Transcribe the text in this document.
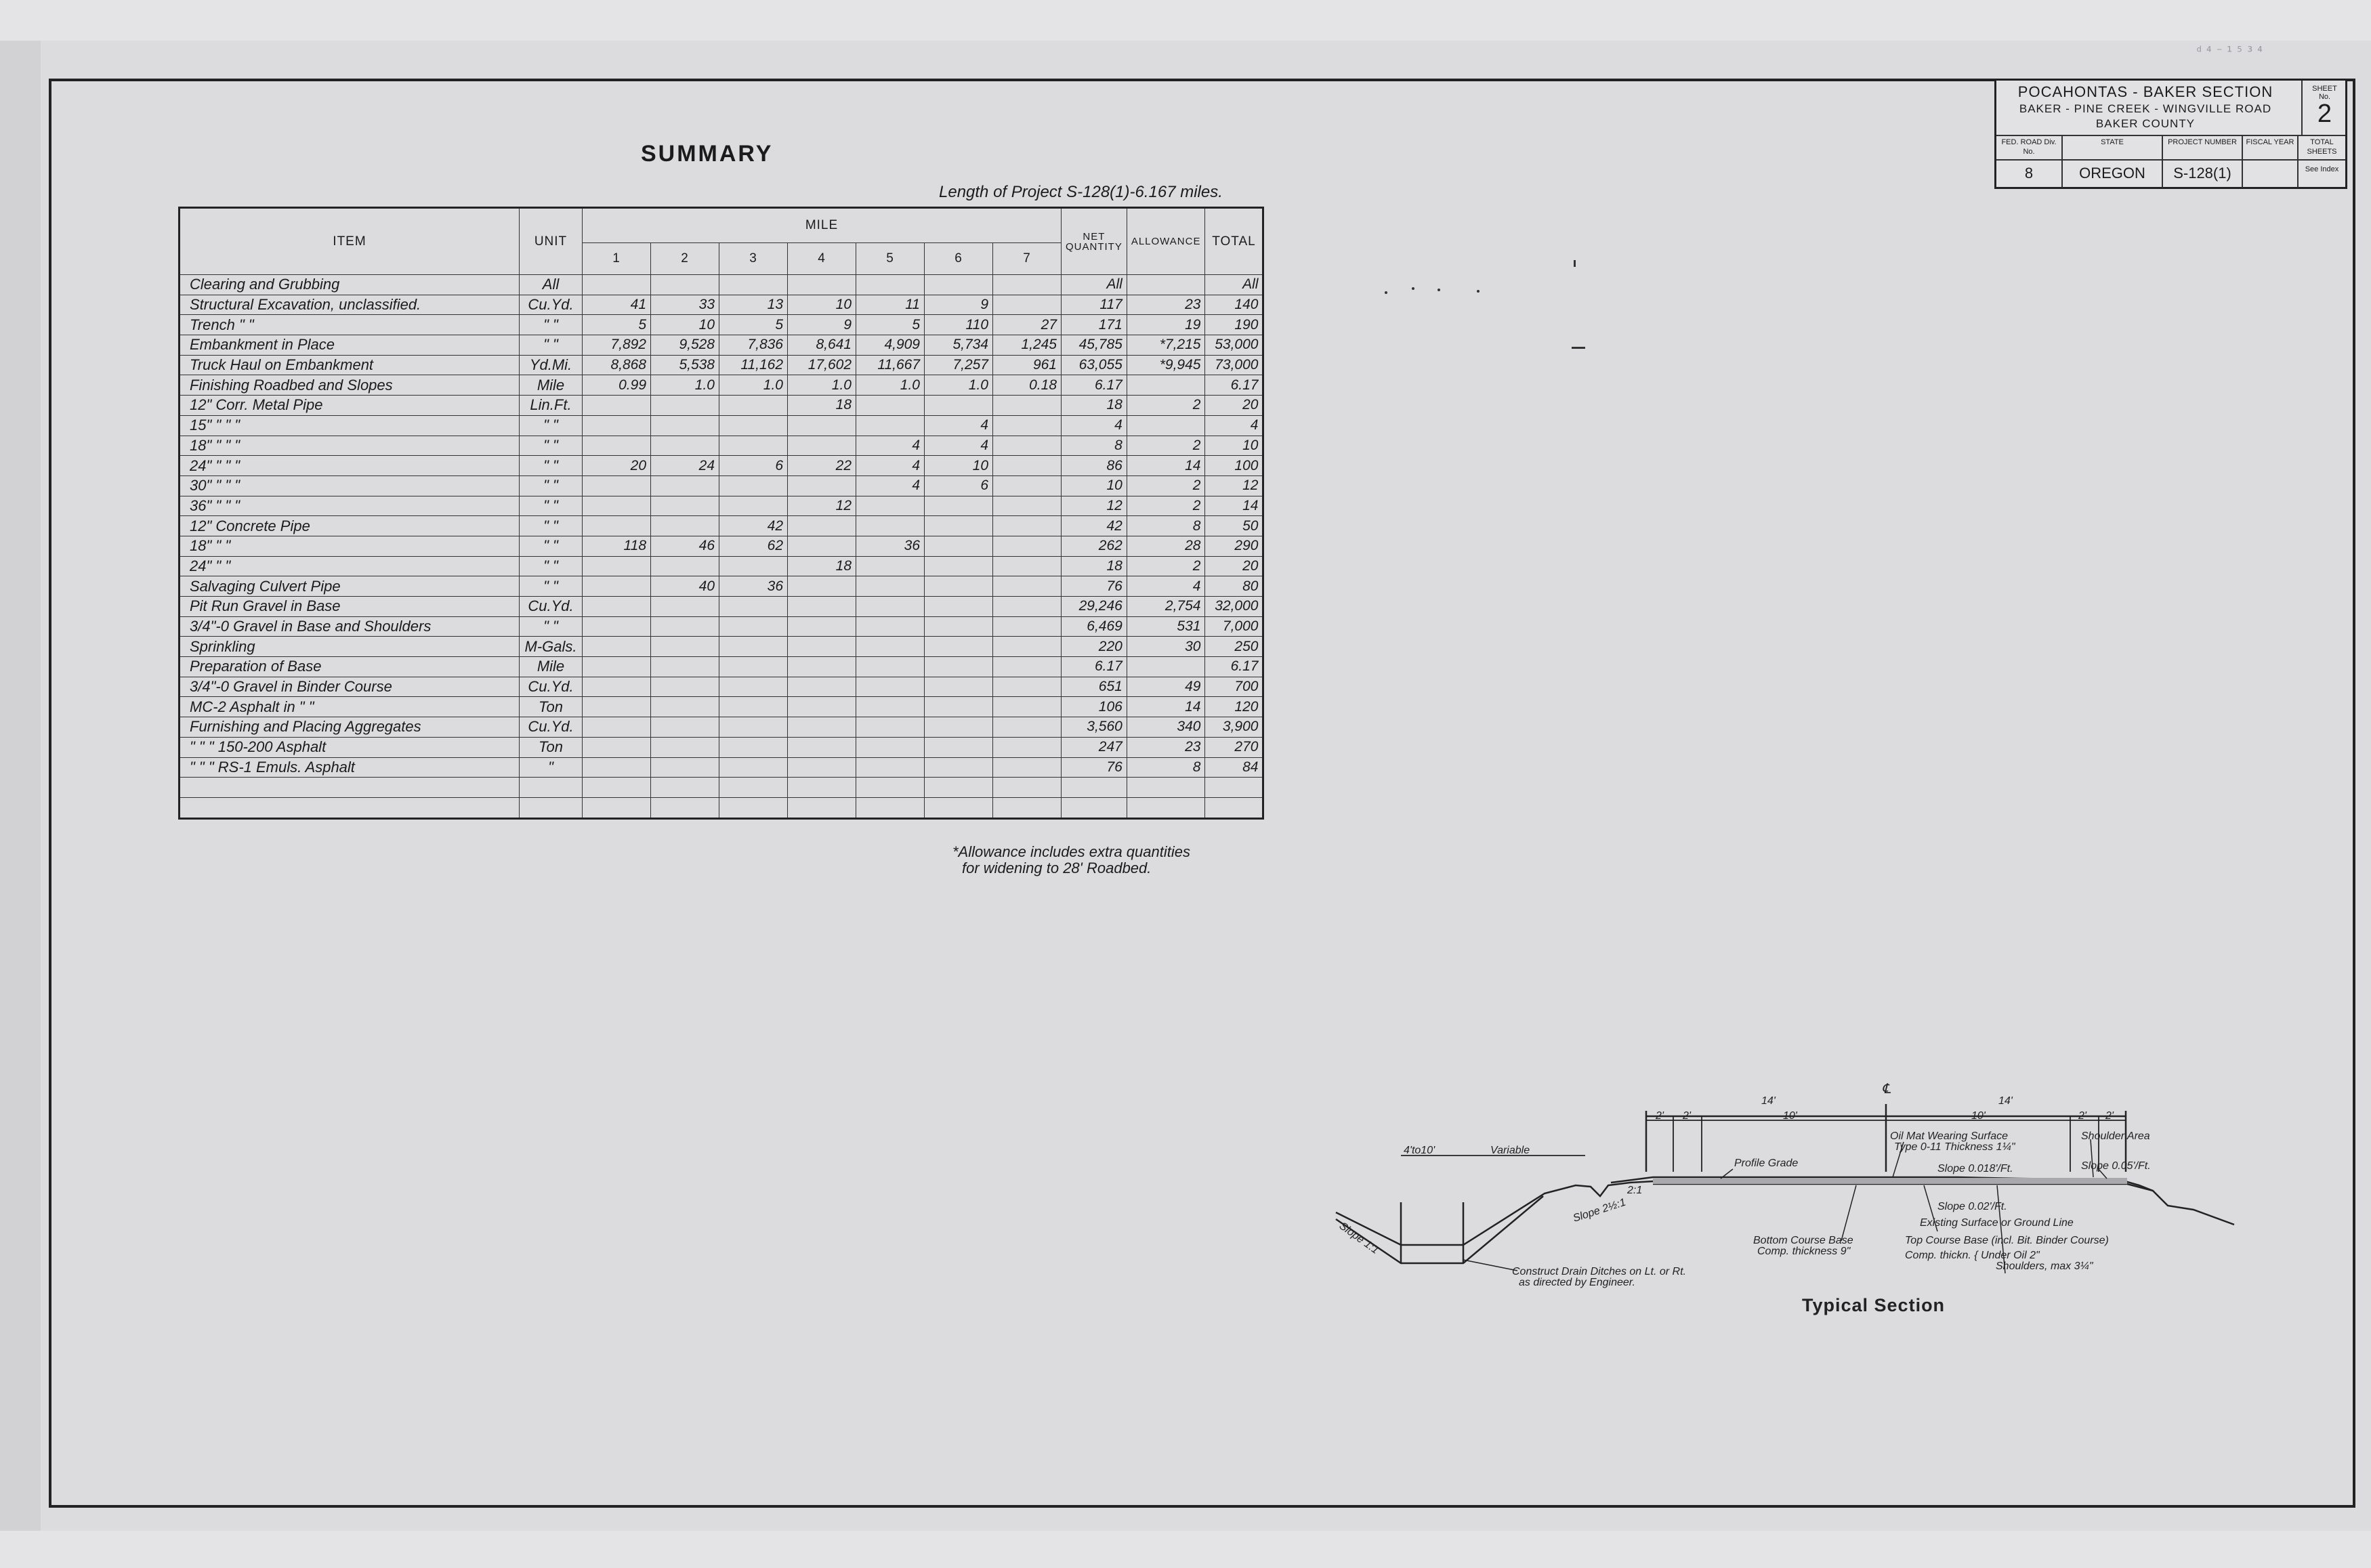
ᵈ⁴⁻¹⁵³⁴
POCAHONTAS - BAKER SECTION
BAKER - PINE CREEK - WINGVILLE ROAD
BAKER COUNTY
SHEET
No.
2
FED. ROAD Div. No.
8
STATE
OREGON
PROJECT NUMBER
S-128(1)
FISCAL YEAR	TOTAL SHEETS
See Index
SUMMARY
Length of Project S-128(1)-6.167 miles.
ITEM	UNIT	MILE							NET QUANTITY	ALLOWANCE	TOTAL
		1	2	3	4	5	6	7			
Clearing and Grubbing	All								All		All
Structural Excavation, unclassified.	Cu.Yd.	41	33	13	10	11	9		117	23	140
Trench " "	" "	5	10	5	9	5	110	27	171	19	190
Embankment in Place	" "	7,892	9,528	7,836	8,641	4,909	5,734	1,245	45,785	*7,215	53,000
Truck Haul on Embankment	Yd.Mi.	8,868	5,538	11,162	17,602	11,667	7,257	961	63,055	*9,945	73,000
Finishing Roadbed and Slopes	Mile	0.99	1.0	1.0	1.0	1.0	1.0	0.18	6.17		6.17
12" Corr. Metal Pipe	Lin.Ft.				18				18	2	20
15" " " "	" "						4		4		4
18" " " "	" "					4	4		8	2	10
24" " " "	" "	20	24	6	22	4	10		86	14	100
30" " " "	" "					4	6		10	2	12
36" " " "	" "				12				12	2	14
12" Concrete Pipe	" "			42					42	8	50
18" " "	" "	118	46	62		36			262	28	290
24" " "	" "				18				18	2	20
Salvaging Culvert Pipe	" "		40	36					76	4	80
Pit Run Gravel in Base	Cu.Yd.								29,246	2,754	32,000
3/4"-0 Gravel in Base and Shoulders	" "								6,469	531	7,000
Sprinkling	M-Gals.								220	30	250
Preparation of Base	Mile								6.17		6.17
3/4"-0 Gravel in Binder Course	Cu.Yd.								651	49	700
MC-2 Asphalt in " "	Ton								106	14	120
Furnishing and Placing Aggregates	Cu.Yd.								3,560	340	3,900
" " " 150-200 Asphalt	Ton								247	23	270
" " " RS-1 Emuls. Asphalt	"								76	8	84

*Allowance includes extra quantities
for widening to 28' Roadbed.
14'	14'
℄
2' 2'	10'	10'	2' 2'
4'to10'	Variable
Oil Mat Wearing Surface
Type 0-11 Thickness 1¼"
Shoulder Area
Profile Grade	Slope 0.018'/Ft.	Slope 0.05'/Ft.
Slope 0.02'/Ft.
2:1
Slope 2½:1
Slope 1:1	Existing Surface or Ground Line
Bottom Course Base
Comp. thickness 9"
Top Course Base (incl. Bit. Binder Course)
Comp. thickn. { Under Oil 2"
Shoulders, max 3¼"
Construct Drain Ditches on Lt. or Rt.
as directed by Engineer.
Typical Section
